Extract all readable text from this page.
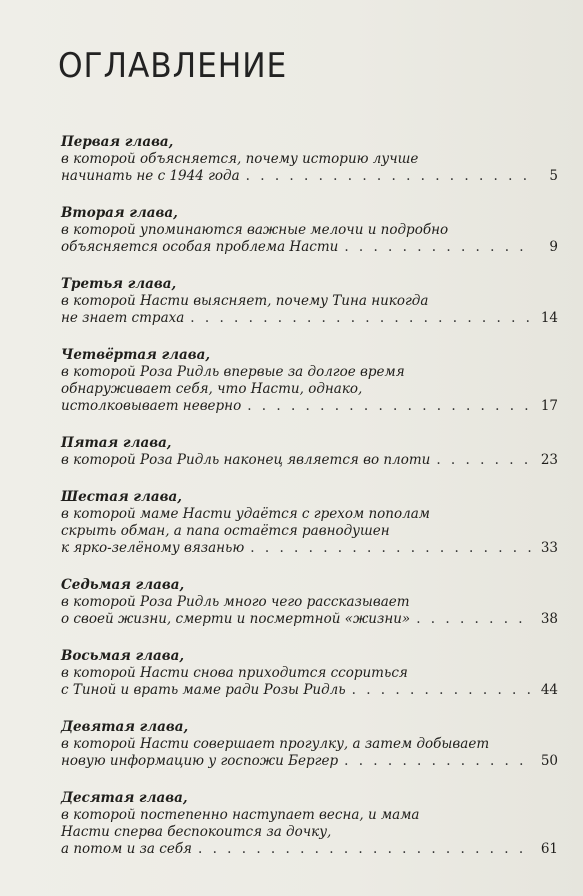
ОГЛАВЛЕНИЕ
Первая глава,
в которой объясняется, почему историю лучше
начинать не с 1944 года . . .	5
Вторая глава,
в которой упоминаются важные мелочи и подробно
объясняется особая проблема Насти . . .	9
Третья глава,
в которой Насти выясняет, почему Тина никогда
не знает страха . . .	14
Четвёртая глава,
в которой Роза Ридль впервые за долгое время
обнаруживает себя, что Насти, однако,
истолковывает неверно . . .	17
Пятая глава,
в которой Роза Ридль наконец является во плоти . . .	23
Шестая глава,
в которой маме Насти удаётся с грехом пополам
скрыть обман, а папа остаётся равнодушен
к ярко-зелёному вязанью . . .	33
Седьмая глава,
в которой Роза Ридль много чего рассказывает
о своей жизни, смерти и посмертной «жизни» . . .	38
Восьмая глава,
в которой Насти снова приходится ссориться
с Тиной и врать маме ради Розы Ридль . . .	44
Девятая глава,
в которой Насти совершает прогулку, а затем добывает
новую информацию у госпожи Бергер . . .	50
Десятая глава,
в которой постепенно наступает весна, и мама
Насти сперва беспокоится за дочку,
а потом и за себя . . .	61
